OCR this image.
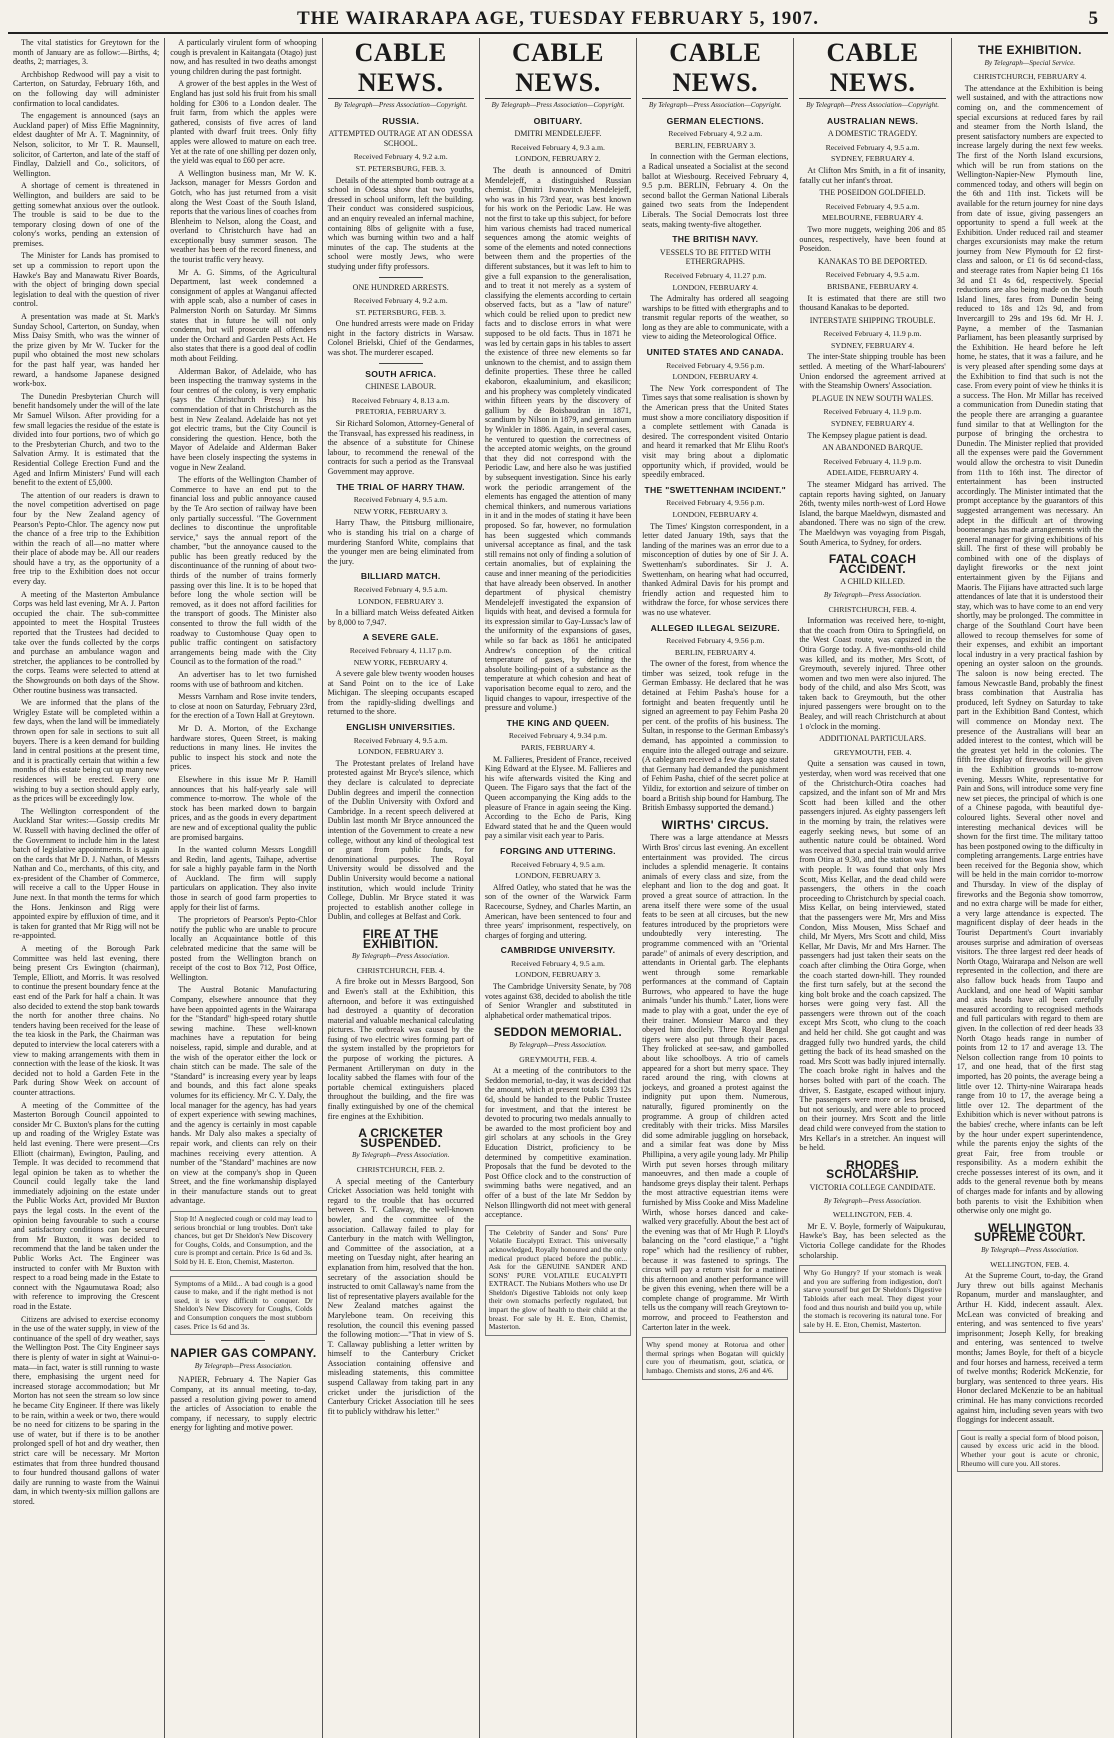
THE WAIRARAPA AGE, TUESDAY FEBRUARY 5, 1907.	5

The vital statistics for Greytown for the month of January are as follow:—Births, 4; deaths, 2; marriages, 3.

Archbishop Redwood will pay a visit to Carterton, on Saturday, February 16th, and on the following day will administer confirmation to local candidates.

The engagement is announced (says an Auckland paper) of Miss Effie Magninnity, eldest daughter of Mr A. T. Magninnity, of Nelson, solicitor, to Mr T. R. Maunsell, solicitor, of Carterton, and late of the staff of Findlay, Dalziell and Co., solicitors, of Wellington.

A shortage of cement is threatened in Wellington, and builders are said to be getting somewhat anxious over the outlook. The trouble is said to be due to the temporary closing down of one of the colony's works, pending an extension of premises.

The Minister for Lands has promised to set up a commission to report upon the Hawke's Bay and Manawatu River Boards, with the object of bringing down special legislation to deal with the question of river control.

A presentation was made at St. Mark's Sunday School, Carterton, on Sunday, when Miss Daisy Smith, who was the winner of the prize given by Mr W. Tucker for the pupil who obtained the most new scholars for the past half year, was handed her reward, a handsome Japanese designed work-box.

The Dunedin Presbyterian Church will benefit handsomely under the will of the late Mr Samuel Wilson. After providing for a few small legacies the residue of the estate is divided into four portions, two of which go to the Presbyterian Church, and two to the Salvation Army. It is estimated that the Residential College Erection Fund and the Aged and Infirm Ministers' Fund will each benefit to the extent of £5,000.

The attention of our readers is drawn to the novel competition advertised on page four by the New Zealand agency of Pearson's Pepto-Chlor. The agency now put the chance of a free trip to the Exhibition within the reach of all—no matter where their place of abode may be. All our readers should have a try, as the opportunity of a free trip to the Exhibition does not occur every day.

A meeting of the Masterton Ambulance Corps was held last evening, Mr A. J. Parton occupied the chair. The sub-committee appointed to meet the Hospital Trustees reported that the Trustees had decided to take over the funds collected by the corps and purchase an ambulance wagon and stretcher, the appliances to be controlled by the corps. Teams were selected to attend at the Showgrounds on both days of the Show. Other routine business was transacted.

We are informed that the plans of the Wrigley Estate will be completed within a few days, when the land will be immediately thrown open for sale in sections to suit all buyers. There is a keen demand for building land in central positions at the present time, and it is practically certain that within a few months of this estate being cut up many new residences will be erected. Every one wishing to buy a section should apply early, as the prices will be exceedingly low.

The Wellington correspondent of the Auckland Star writes:—Gossip credits Mr W. Russell with having declined the offer of the Government to include him in the latest batch of legislative appointments. It is again on the cards that Mr D. J. Nathan, of Messrs Nathan and Co., merchants, of this city, and ex-president of the Chamber of Commerce, will receive a call to the Upper House in June next. In that month the terms for which the Hons. Jenkinson and Rigg were appointed expire by effluxion of time, and it is taken for granted that Mr Rigg will not be re-appointed.

A meeting of the Borough Park Committee was held last evening, there being present Crs Ewington (chairman), Temple, Elliott, and Morris. It was resolved to continue the present boundary fence at the east end of the Park for half a chain. It was also decided to extend the stop bank towards the north for another three chains. No tenders having been received for the lease of the tea kiosk in the Park, the Chairman was deputed to interview the local caterers with a view to making arrangements with them in connection with the lease of the kiosk. It was decided not to hold a Garden Fete in the Park during Show Week on account of counter attractions.

A meeting of the Committee of the Masterton Borough Council appointed to consider Mr C. Buxton's plans for the cutting up and roading of the Wrigley Estate was held last evening. There were present—Crs Elliott (chairman), Ewington, Pauling, and Temple. It was decided to recommend that legal opinion be taken as to whether the Council could legally take the land immediately adjoining on the estate under the Public Works Act, provided Mr Buxton pays the legal costs. In the event of the opinion being favourable to such a course and satisfactory conditions can be secured from Mr Buxton, it was decided to recommend that the land be taken under the Public Works Act. The Engineer was instructed to confer with Mr Buxton with respect to a road being made in the Estate to connect with the Ngaumutawa Road; also with reference to improving the Crescent road in the Estate.

Citizens are advised to exercise economy in the use of the water supply, in view of the continuance of the spell of dry weather, says the Wellington Post. The City Engineer says there is plenty of water in sight at Wainui-o-mata—in fact, water is still running to waste there, emphasising the urgent need for increased storage accommodation; but Mr Morton has not seen the stream so low since he became City Engineer. If there was likely to be rain, within a week or two, there would be no need for citizens to be sparing in the use of water, but if there is to be another prolonged spell of hot and dry weather, then strict care will be necessary. Mr Morton estimates that from three hundred thousand to four hundred thousand gallons of water daily are running to waste from the Wainui dam, in which twenty-six million gallons are stored.

A particularly virulent form of whooping cough is prevalent in Kaitangata (Otago) just now, and has resulted in two deaths amongst young children during the past fortnight.

A grower of the best apples in the West of England has just sold his fruit from his small holding for £306 to a London dealer. The fruit farm, from which the apples were gathered, consists of five acres of land planted with dwarf fruit trees. Only fifty apples were allowed to mature on each tree. Yet at the rate of one shilling per dozen only, the yield was equal to £60 per acre.

A Wellington business man, Mr W. K. Jackson, manager for Messrs Gordon and Gotch, who has just returned from a visit along the West Coast of the South Island, reports that the various lines of coaches from Blenheim to Nelson, along the Coast, and overland to Christchurch have had an exceptionally busy summer season. The weather has been of the record fineness, and the tourist traffic very heavy.

Mr A. G. Simms, of the Agricultural Department, last week condemned a consignment of apples at Wanganui affected with apple scab, also a number of cases in Palmerston North on Saturday. Mr Simms states that in future he will not only condemn, but will prosecute all offenders under the Orchard and Garden Pests Act. He also states that there is a good deal of codlin moth about Feilding.

Alderman Bakor, of Adelaide, who has been inspecting the tramway systems in the four centres of the colony, is very emphatic (says the Christchurch Press) in his commendation of that in Christchurch as the best in New Zealand. Adelaide has not yet got electric trams, but the City Council is considering the question. Hence, both the Mayor of Adelaide and Alderman Baker have been closely inspecting the systems in vogue in New Zealand.

The efforts of the Wellington Chamber of Commerce to have an end put to the financial loss and public annoyance caused by the Te Aro section of railway have been only partially successful. "The Government declines to discontinue the unprofitable service," says the annual report of the chamber, "but the annoyance caused to the public has been greatly reduced by the discontinuance of the running of about two-thirds of the number of trains formerly passing over this line. It is to be hoped that before long the whole section will be removed, as it does not afford facilities for the transport of goods. The Minister also consented to throw the full width of the roadway to Customhouse Quay open to public traffic contingent on satisfactory arrangements being made with the City Council as to the formation of the road."

An advertiser has to let two furnished rooms with use of bathroom and kitchen.

Messrs Varnham and Rose invite tenders, to close at noon on Saturday, February 23rd, for the erection of a Town Hall at Greytown.

Mr D. A. Morton, of the Exchange hardware stores, Queen Street, is making reductions in many lines. He invites the public to inspect his stock and note the prices.

Elsewhere in this issue Mr P. Hamill announces that his half-yearly sale will commence to-morrow. The whole of the stock has been marked down to bargain prices, and as the goods in every department are new and of exceptional quality the public are promised bargains.

In the wanted column Messrs Longdill and Redin, land agents, Taihape, advertise for sale a highly payable farm in the North of Auckland. The firm will supply particulars on application. They also invite those in search of good farm properties to apply for their list of farms.

The proprietors of Pearson's Pepto-Chlor notify the public who are unable to procure locally an Acquaintance bottle of this celebrated medicine that the same will be posted from the Wellington branch on receipt of the cost to Box 712, Post Office, Wellington.

The Austral Botanic Manufacturing Company, elsewhere announce that they have been appointed agents in the Wairarapa for the "Standard" high-speed rotary shuttle sewing machine. These well-known machines have a reputation for being noiseless, rapid, simple and durable, and at the wish of the operator either the lock or chain stitch can be made. The sale of the "Standard" is increasing every year by leaps and bounds, and this fact alone speaks volumes for its efficiency. Mr C. Y. Daly, the local manager for the agency, has had years of expert experience with sewing machines, and the agency is certainly in most capable hands. Mr Daly also makes a specialty of repair work, and clients can rely on their machines receiving every attention. A number of the "Standard" machines are now on view at the company's shop in Queen Street, and the fine workmanship displayed in their manufacture stands out to great advantage.

Stop It! A neglected cough or cold may lead to serious bronchial or lung troubles. Don't take chances, but get Dr Sheldon's New Discovery for Coughs, Colds, and Consumption, and the cure is prompt and certain. Price 1s 6d and 3s. Sold by H. E. Eton, Chemist, Masterton.
Symptoms of a Mild... A bad cough is a good cause to make, and if the right method is not used, it is very difficult to conquer. Dr Sheldon's New Discovery for Coughs, Colds and Consumption conquers the most stubborn cases. Price 1s 6d and 3s.
NAPIER GAS COMPANY.
By Telegraph—Press Association.

NAPIER, February 4. The Napier Gas Company, at its annual meeting, to-day, passed a resolution giving power to amend the articles of Association to enable the company, if necessary, to supply electric energy for lighting and motive power.

CABLE NEWS.
By Telegraph—Press Association—Copyright.
RUSSIA.
ATTEMPTED OUTRAGE AT AN ODESSA SCHOOL.
Received February 4, 9.2 a.m.
ST. PETERSBURG, FEB. 3.

Details of the attempted bomb outrage at a school in Odessa show that two youths, dressed in school uniform, left the building. Their conduct was considered suspicious, and an enquiry revealed an infernal machine, containing 8lbs of gelignite with a fuse, which was burning within two and a half minutes of the cap. The students at the school were mostly Jews, who were studying under fifty professors.

ONE HUNDRED ARRESTS.
Received February 4, 9.2 a.m.
ST. PETERSBURG, FEB. 3.

One hundred arrests were made on Friday night in the factory districts in Warsaw. Colonel Brielski, Chief of the Gendarmes, was shot. The murderer escaped.

SOUTH AFRICA.
CHINESE LABOUR.
Received February 4, 8.13 a.m.
PRETORIA, FEBRUARY 3.

Sir Richard Solomon, Attorney-General of the Transvaal, has expressed his readiness, in the absence of a substitute for Chinese labour, to recommend the renewal of the contracts for such a period as the Transvaal Government may approve.

THE TRIAL OF HARRY THAW.
Received February 4, 9.5 a.m.
NEW YORK, FEBRUARY 3.

Harry Thaw, the Pittsburg millionaire, who is standing his trial on a charge of murdering Stanford White, complains that the younger men are being eliminated from the jury.

BILLIARD MATCH.
Received February 4, 9.5 a.m.
LONDON, FEBRUARY 3.

In a billiard match Weiss defeated Aitken by 8,000 to 7,947.

A SEVERE GALE.
Received February 4, 11.17 p.m.
NEW YORK, FEBRUARY 4.

A severe gale blew twenty wooden houses at Sand Point on to the ice of Lake Michigan. The sleeping occupants escaped from the rapidly-sliding dwellings and returned to the shore.

ENGLISH UNIVERSITIES.
Received February 4, 9.5 a.m.
LONDON, FEBRUARY 3.

The Protestant prelates of Ireland have protested against Mr Bryce's silence, which they declare is calculated to depreciate Dublin degrees and imperil the connection of the Dublin University with Oxford and Cambridge. In a recent speech delivered at Dublin last month Mr Bryce announced the intention of the Government to create a new college, without any kind of theological test or grant from public funds, for denominational purposes. The Royal University would be dissolved and the Dublin University would become a national institution, which would include Trinity College, Dublin. Mr Bryce stated it was projected to establish another college in Dublin, and colleges at Belfast and Cork.

FIRE AT THE EXHIBITION.
By Telegraph—Press Association.
CHRISTCHURCH, FEB. 4.

A fire broke out in Messrs Bargood, Son and Ewen's stall at the Exhibition, this afternoon, and before it was extinguished had destroyed a quantity of decoration material and valuable mechanical calculating pictures. The outbreak was caused by the fusing of two electric wires forming part of the system installed by the proprietors for the purpose of working the pictures. A Permanent Artilleryman on duty in the locality sabbed the flames with four of the portable chemical extinguishers placed throughout the building, and the fire was finally extinguished by one of the chemical fire engines at the Exhibition.

A CRICKETER SUSPENDED.
By Telegraph—Press Association.
CHRISTCHURCH, FEB. 2.

A special meeting of the Canterbury Cricket Association was held tonight with regard to the trouble that has occurred between S. T. Callaway, the well-known bowler, and the committee of the association. Callaway failed to play for Canterbury in the match with Wellington, and Committee of the association, at a meeting on Tuesday night, after hearing an explanation from him, resolved that the hon. secretary of the association should be instructed to omit Callaway's name from the list of representative players available for the New Zealand matches against the Marylebone team. On receiving this resolution, the council this evening passed the following motion:—"That in view of S. T. Callaway publishing a letter written by himself to the Canterbury Cricket Association containing offensive and misleading statements, this committee suspend Callaway from taking part in any cricket under the jurisdiction of the Canterbury Cricket Association till he sees fit to publicly withdraw his letter."

CABLE NEWS.
By Telegraph—Press Association—Copyright.
OBITUARY.
DMITRI MENDELEJEFF.
Received February 4, 9.3 a.m.
LONDON, FEBRUARY 2.

The death is announced of Dmitri Mendelejeff, a distinguished Russian chemist. (Dmitri Ivanovitch Mendelejeff, who was in his 73rd year, was best known for his work on the Periodic Law. He was not the first to take up this subject, for before him various chemists had traced numerical sequences among the atomic weights of some of the elements and noted connections between them and the properties of the different substances, but it was left to him to give a full expansion to the generalisation, and to treat it not merely as a system of classifying the elements according to certain observed facts, but as a "law of nature" which could be relied upon to predict new facts and to disclose errors in what were supposed to be old facts. Thus in 1871 he was led by certain gaps in his tables to assert the existence of three new elements so far unknown to the chemist, and to assign them definite properties. These three he called ekaboron, ekaaluminium, and ekasilicon; and his prophecy was completely vindicated within fifteen years by the discovery of gallium by de Boisbaudran in 1871, scandium by Nilson in 1879, and germanium by Winkler in 1886. Again, in several cases, he ventured to question the correctness of the accepted atomic weights, on the ground that they did not correspond with the Periodic Law, and here also he was justified by subsequent investigation. Since his early work the periodic arrangement of the elements has engaged the attention of many chemical thinkers, and numerous variations in it and in the modes of stating it have been proposed. So far, however, no formulation has been suggested which commands universal acceptance as final, and the task still remains not only of finding a solution of certain anomalies, but of explaining the cause and inner meaning of the periodicities that have already been observed. In another department of physical chemistry Mendelejeff investigated the expansion of liquids with heat, and devised a formula for its expression similar to Gay-Lussac's law of the uniformity of the expansions of gases, while so far back as 1861 he anticipated Andrew's conception of the critical temperature of gases, by defining the absolute boiling-point of a substance as the temperature at which cohesion and heat of vaporisation become equal to zero, and the liquid changes to vapour, irrespective of the pressure and volume.)

THE KING AND QUEEN.
Received February 4, 9.34 p.m.
PARIS, FEBRUARY 4.

M. Fallieres, President of France, received King Edward at the Elysee. M. Fallieres and his wife afterwards visited the King and Queen. The Figaro says that the fact of the Queen accompanying the King adds to the pleasure of France in again seeing the King. According to the Echo de Paris, King Edward stated that he and the Queen would pay a similar visit each year to Paris.

FORGING AND UTTERING.
Received February 4, 9.5 a.m.
LONDON, FEBRUARY 3.

Alfred Oatley, who stated that he was the son of the owner of the Warwick Farm Racecourse, Sydney, and Charles Martin, an American, have been sentenced to four and three years' imprisonment, respectively, on charges of forging and uttering.

CAMBRIDGE UNIVERSITY.
Received February 4, 9.5 a.m.
LONDON, FEBRUARY 3.

The Cambridge University Senate, by 708 votes against 638, decided to abolish the title of Senior Wrangler and substituted in alphabetical order mathematical tripos.

SEDDON MEMORIAL.
By Telegraph—Press Association.
GREYMOUTH, FEB. 4.

At a meeting of the contributors to the Seddon memorial, to-day, it was decided that the amount, which at present totals £393 12s 6d, should be handed to the Public Trustee for investment, and that the interest be devoted to procuring two medals annually to be awarded to the most proficient boy and girl scholars at any schools in the Grey Education District, proficiency to be determined by competitive examination. Proposals that the fund be devoted to the Post Office clock and to the construction of swimming baths were negatived, and an offer of a bust of the late Mr Seddon by Nelson Illingworth did not meet with general acceptance.

The Celebrity of Sander and Sons' Pure Volatile Eucalypti Extract. This universally acknowledged, Royally honoured and the only medical product placed before the public... Ask for the GENUINE SANDER AND SONS' PURE VOLATILE EUCALYPTI EXTRACT. The Nubians Mothers who use Dr Sheldon's Digestive Tabloids not only keep their own stomachs perfectly regulated, but impart the glow of health to their child at the breast. For sale by H. E. Eton, Chemist, Masterton.
CABLE NEWS.
By Telegraph—Press Association—Copyright.
GERMAN ELECTIONS.
Received February 4, 9.2 a.m.
BERLIN, FEBRUARY 3.

In connection with the German elections, a Radical unseated a Socialist at the second ballot at Wiesbourg. Received February 4, 9.5 p.m. BERLIN, February 4. On the second ballot the German National Liberals gained two seats from the Independent Liberals. The Social Democrats lost three seats, making twenty-five altogether.

THE BRITISH NAVY.
VESSELS TO BE FITTED WITH ETHERGRAPHS.
Received February 4, 11.27 p.m.
LONDON, FEBRUARY 4.

The Admiralty has ordered all seagoing warships to be fitted with ethergraphs and to transmit regular reports of the weather, so long as they are able to communicate, with a view to aiding the Meteorological Office.

UNITED STATES AND CANADA.
Received February 4, 9.56 p.m.
LONDON, FEBRUARY 4.

The New York correspondent of The Times says that some realisation is shown by the American press that the United States must show a more conciliatory disposition if a complete settlement with Canada is desired. The correspondent visited Ontario and heard it remarked that Mr Elihu Root's visit may bring about a diplomatic opportunity which, if provided, would be speedily embraced.

THE "SWETTENHAM INCIDENT."
Received February 4, 9.56 p.m.
LONDON, FEBRUARY 4.

The Times' Kingston correspondent, in a letter dated January 19th, says that the landing of the marines was an error due to a misconception of duties by one of Sir J. A. Swettenham's subordinates. Sir J. A. Swettenham, on hearing what had occurred, thanked Admiral Davis for his prompt and friendly action and requested him to withdraw the force, for whose services there was no use whatever.

ALLEGED ILLEGAL SEIZURE.
Received February 4, 9.56 p.m.
BERLIN, FEBRUARY 4.

The owner of the forest, from whence the timber was seized, took refuge in the German Embassy. He declared that he was detained at Fehim Pasha's house for a fortnight and beaten frequently until he signed an agreement to pay Fehim Pasha 20 per cent. of the profits of his business. The Sultan, in response to the German Embassy's demand, has appointed a commission to enquire into the alleged outrage and seizure. (A cablegram received a few days ago stated that Germany had demanded the punishment of Fehim Pasha, chief of the secret police at Yildiz, for extortion and seizure of timber on board a British ship bound for Hamburg. The British Embassy supported the demand.)

WIRTHS' CIRCUS.

There was a large attendance at Messrs Wirth Bros' circus last evening. An excellent entertainment was provided. The circus includes a splendid menagerie. It contains animals of every class and size, from the elephant and lion to the dog and goat. It proved a great source of attraction. In the arena itself there were some of the usual feats to be seen at all circuses, but the new features introduced by the proprietors were undoubtedly very interesting. The programme commenced with an "Oriental parade" of animals of every description, and attendants in Oriental garb. The elephants went through some remarkable performances at the command of Captain Burrows, who appeared to have the huge animals "under his thumb." Later, lions were made to play with a goat, under the eye of their trainer. Monsieur Marco and they obeyed him docilely. Three Royal Bengal tigers were also put through their paces. They frolicked at see-saw, and gambolled about like schoolboys. A trio of camels appeared for a short but merry space. They raced around the ring, with clowns at jockeys, and groaned a protest against the indignity put upon them. Numerous, naturally, figured prominently on the programme. A group of children acted creditably with their tricks. Miss Marsiles did some admirable juggling on horseback, and a similar feat was done by Miss Phillipina, a very agile young lady. Mr Philip Wirth put seven horses through military manoeuvres, and then made a couple of handsome greys display their talent. Perhaps the most attractive equestrian items were furnished by Miss Cooke and Miss Madeline Wirth, whose horses danced and cake-walked very gracefully. About the best act of the evening was that of Mr Hugh P. Lloyd's balancing on the "cord elastique," a "tight rope" which had the resiliency of rubber, because it was fastened to springs. The circus will pay a return visit for a matinee this afternoon and another performance will be given this evening, when there will be a complete change of programme. Mr Wirth tells us the company will reach Greytown to-morrow, and proceed to Featherston and Carterton later in the week.

Why spend money at Rotorua and other thermal springs when Bogatan will quickly cure you of rheumatism, gout, sciatica, or lumbago. Chemists and stores, 2/6 and 4/6.
CABLE NEWS.
By Telegraph—Press Association—Copyright.
AUSTRALIAN NEWS.
A DOMESTIC TRAGEDY.
Received February 4, 9.5 a.m.
SYDNEY, FEBRUARY 4.

At Clifton Mrs Smith, in a fit of insanity, fatally cut her infant's throat.

THE POSEIDON GOLDFIELD.
Received February 4, 9.5 a.m.
MELBOURNE, FEBRUARY 4.

Two more nuggets, weighing 206 and 85 ounces, respectively, have been found at Poseidon.

KANAKAS TO BE DEPORTED.
Received February 4, 9.5 a.m.
BRISBANE, FEBRUARY 4.

It is estimated that there are still two thousand Kanakas to be deported.

INTERSTATE SHIPPING TROUBLE.
Received February 4, 11.9 p.m.
SYDNEY, FEBRUARY 4.

The inter-State shipping trouble has been settled. A meeting of the Wharf-labourers' Union endorsed the agreement arrived at with the Steamship Owners' Association.

PLAGUE IN NEW SOUTH WALES.
Received February 4, 11.9 p.m.
SYDNEY, FEBRUARY 4.

The Kempsey plague patient is dead.

AN ABANDONED BARQUE.
Received February 4, 11.9 p.m.
ADELAIDE, FEBRUARY 4.

The steamer Midgard has arrived. The captain reports having sighted, on January 26th, twenty miles north-west of Lord Howe Island, the barque Maeldwyn, dismasted and abandoned. There was no sign of the crew. The Maeldwyn was voyaging from Pisgah, South America, to Sydney, for orders.

FATAL COACH ACCIDENT.
A CHILD KILLED.
By Telegraph—Press Association.
CHRISTCHURCH, FEB. 4.

Information was received here, to-night, that the coach from Otira to Springfield, on the West Coast route, was capsized in the Otira Gorge today. A five-months-old child was killed, and its mother, Mrs Scott, of Greymouth, severely injured. Three other women and two men were also injured. The body of the child, and also Mrs Scott, was taken back to Greymouth, but the other injured passengers were brought on to the Bealey, and will reach Christchurch at about 1 o'clock in the morning.

ADDITIONAL PARTICULARS.
GREYMOUTH, FEB. 4.

Quite a sensation was caused in town, yesterday, when word was received that one of the Christchurch-Otira coaches had capsized, and the infant son of Mr and Mrs Scott had been killed and the other passengers injured. As eighty passengers left in the morning by train, the relatives were eagerly seeking news, but some of an authentic nature could be obtained. Word was received that a special train would arrive from Otira at 9.30, and the station was lined with people. It was found that only Mrs Scott, Miss Kellar, and the dead child were passengers, the others in the coach proceeding to Christchurch by special coach. Miss Kellar, on being interviewed, stated that the passengers were Mr, Mrs and Miss Condon, Miss Mousen, Miss Schaef and child, Mr Myers, Mrs Scott and child, Miss Kellar, Mr Davis, Mr and Mrs Harner. The passengers had just taken their seats on the coach after climbing the Otira Gorge, when the coach started down-hill. They rounded the first turn safely, but at the second the king bolt broke and the coach capsized. The horses were going very fast. All the passengers were thrown out of the coach except Mrs Scott, who clung to the coach and held her child. She got caught and was dragged fully two hundred yards, the child getting the back of its head smashed on the road. Mrs Scott was badly injured internally. The coach broke right in halves and the horses bolted with part of the coach. The driver, S. Eastgate, escaped without injury. The passengers were more or less bruised, but not seriously, and were able to proceed on their journey. Mrs Scott and the little dead child were conveyed from the station to Mrs Kellar's in a stretcher. An inquest will be held.

RHODES SCHOLARSHIP.
VICTORIA COLLEGE CANDIDATE.
By Telegraph—Press Association.
WELLINGTON, FEB. 4.

Mr E. V. Boyle, formerly of Waipukurau, Hawke's Bay, has been selected as the Victoria College candidate for the Rhodes scholarship.

Why Go Hungry? If your stomach is weak and you are suffering from indigestion, don't starve yourself but get Dr Sheldon's Digestive Tabloids after each meal. They digest your food and thus nourish and build you up, while the stomach is recovering its natural tone. For sale by H. E. Eton, Chemist, Masterton.
THE EXHIBITION.
By Telegraph—Special Service.
CHRISTCHURCH, FEBRUARY 4.

The attendance at the Exhibition is being well sustained, and with the attractions now coming on, and the commencement of special excursions at reduced fares by rail and steamer from the North Island, the present satisfactory numbers are expected to increase largely during the next few weeks. The first of the North Island excursions, which will be run from stations on the Wellington-Napier-New Plymouth line, commenced today, and others will begin on the 6th and 11th inst. Tickets will be available for the return journey for nine days from date of issue, giving passengers an opportunity to spend a full week at the Exhibition. Under reduced rail and steamer charges excursionists may make the return journey from New Plymouth for £2 first-class and saloon, or £1 6s 6d second-class, and steerage rates from Napier being £1 16s 3d and £1 4s 6d, respectively. Special reductions are also being made on the South Island lines, fares from Dunedin being reduced to 18s and 12s 9d, and from Invercargill to 29s and 19s 6d. Mr H. J. Payne, a member of the Tasmanian Parliament, has been pleasantly surprised by the Exhibition. He heard before he left home, he states, that it was a failure, and he is very pleased after spending some days at the Exhibition to find that such is not the case. From every point of view he thinks it is a success. The Hon. Mr Millar has received a communication from Dunedin stating that the people there are arranging a guarantee fund similar to that at Wellington for the purpose of bringing the orchestra to Dunedin. The Minister replied that provided all the expenses were paid the Government would allow the orchestra to visit Dunedin from 11th to 16th inst. The director of entertainment has been instructed accordingly. The Minister intimated that the prompt acceptance by the guarantors of this suggested arrangement was necessary. An adept in the difficult art of throwing boomerangs has made arrangements with the general manager for giving exhibitions of his skill. The first of these will probably be combined with one of the displays of daylight fireworks or the next joint entertainment given by the Fijians and Maoris. The Fijians have attracted such large attendances of late that it is understood their stay, which was to have come to an end very shortly, may be prolonged. The committee in charge of the Southland Court have been allowed to recoup themselves for some of their expenses, and exhibit an important local industry in a very practical fashion by opening an oyster saloon on the grounds. The saloon is now being erected. The famous Newcastle Band, probably the finest brass combination that Australia has produced, left Sydney on Saturday to take part in the Exhibition Band Contest, which will commence on Monday next. The presence of the Australians will bear an added interest to the contest, which will be the greatest yet held in the colonies. The fifth free display of fireworks will be given in the Exhibition grounds to-morrow evening. Messrs White, representative for Pain and Sons, will introduce some very fine new set pieces, the principal of which is one of a Chinese pagoda, with beautiful dye-coloured lights. Several other novel and interesting mechanical devices will be shown for the first time. The military tattoo has been postponed owing to the difficulty in completing arrangements. Large entries have been received for the Begonia show, which will be held in the main corridor to-morrow and Thursday. In view of the display of fireworks and the Begonia show tomorrow, and no extra charge will be made for either, a very large attendance is expected. The magnificent display of deer heads in the Tourist Department's Court invariably arouses surprise and admiration of overseas visitors. The three largest red deer heads of North Otago, Wairarapa and Nelson are well represented in the collection, and there are also fallow buck heads from Taupo and Auckland, and one head of Wapiti sambar and axis heads have all been carefully measured according to recognised methods and full particulars with regard to them are given. In the collection of red deer heads 33 North Otago heads range in number of points from 12 to 17 and average 13. The Nelson collection range from 10 points to 17, and one head, that of the first stag imported, has 20 points, the average being a little over 12. Thirty-nine Wairarapa heads range from 10 to 17, the average being a little over 12. The department of the Exhibition which is never without patrons is the babies' creche, where infants can be left by the hour under expert superintendence, while the parents enjoy the sights of the great Fair, free from trouble or responsibility. As a modern exhibit the creche possesses interest of its own, and it adds to the general revenue both by means of charges made for infants and by allowing both parents to visit the Exhibition when otherwise only one might go.

WELLINGTON SUPREME COURT.
By Telegraph—Press Association.
WELLINGTON, FEB. 4.

At the Supreme Court, to-day, the Grand Jury threw out bills against Mechanis Ropanum, murder and manslaughter, and Arthur H. Kidd, indecent assault. Alex. McLean was convicted of breaking and entering, and was sentenced to five years' imprisonment; Joseph Kelly, for breaking and entering, was sentenced to twelve months; James Boyle, for theft of a bicycle and four horses and harness, received a term of twelve months; Roderick McKenzie, for burglary, was sentenced to three years. His Honor declared McKenzie to be an habitual criminal. He has many convictions recorded against him, including seven years with two floggings for indecent assault.

Gout is really a special form of blood poison, caused by excess uric acid in the blood. Whether your gout is acute or chronic, Rheumo will cure you. All stores.
